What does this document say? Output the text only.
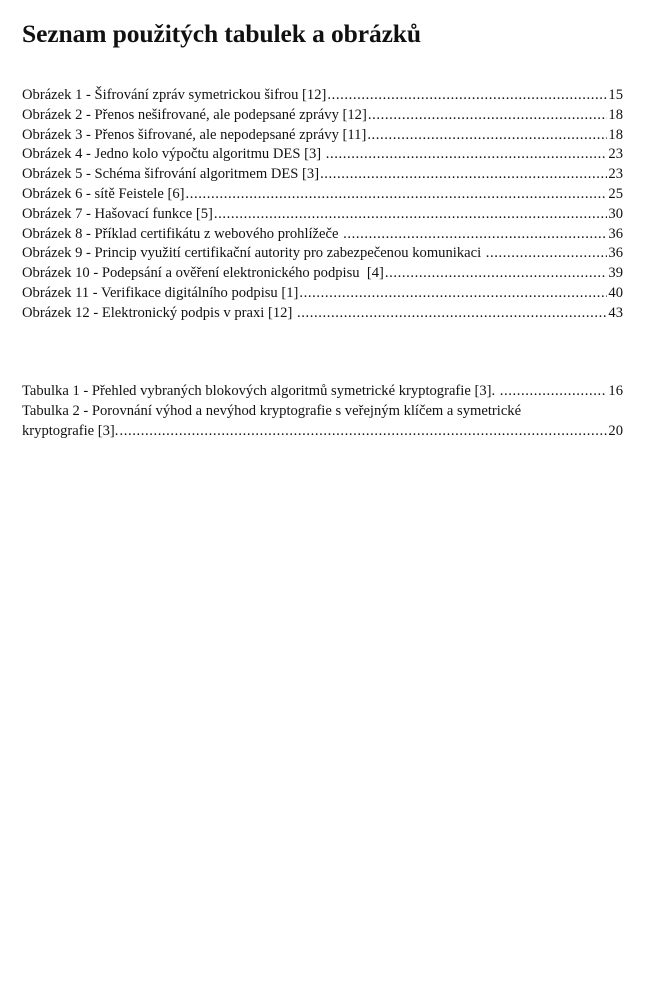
Seznam použitých tabulek a obrázků
Obrázek 1 - Šifrování zpráv symetrickou šifrou [12] .....	15
Obrázek 2 - Přenos nešifrované, ale podepsané zprávy [12] .....	18
Obrázek 3 - Přenos šifrované, ale nepodepsané zprávy [11] .....	18
Obrázek 4 - Jedno kolo výpočtu algoritmu DES [3] .....	23
Obrázek 5 - Schéma šifrování algoritmem DES [3] .....	23
Obrázek 6 - sítě Feistele [6] .....	25
Obrázek 7 - Hašovací funkce [5] .....	30
Obrázek 8 - Příklad certifikátu z webového prohlížeče .....	36
Obrázek 9 - Princip využití certifikační autority pro zabezpečenou komunikaci .....	36
Obrázek 10 - Podepsání a ověření elektronického podpisu  [4] .....	39
Obrázek 11 - Verifikace digitálního podpisu [1] .....	40
Obrázek 12 - Elektronický podpis v praxi [12] .....	43
Tabulka 1 - Přehled vybraných blokových algoritmů symetrické kryptografie [3]. .....	16
Tabulka 2 - Porovnání výhod a nevýhod kryptografie s veřejným klíčem a symetrické
kryptografie [3]. .....	20
